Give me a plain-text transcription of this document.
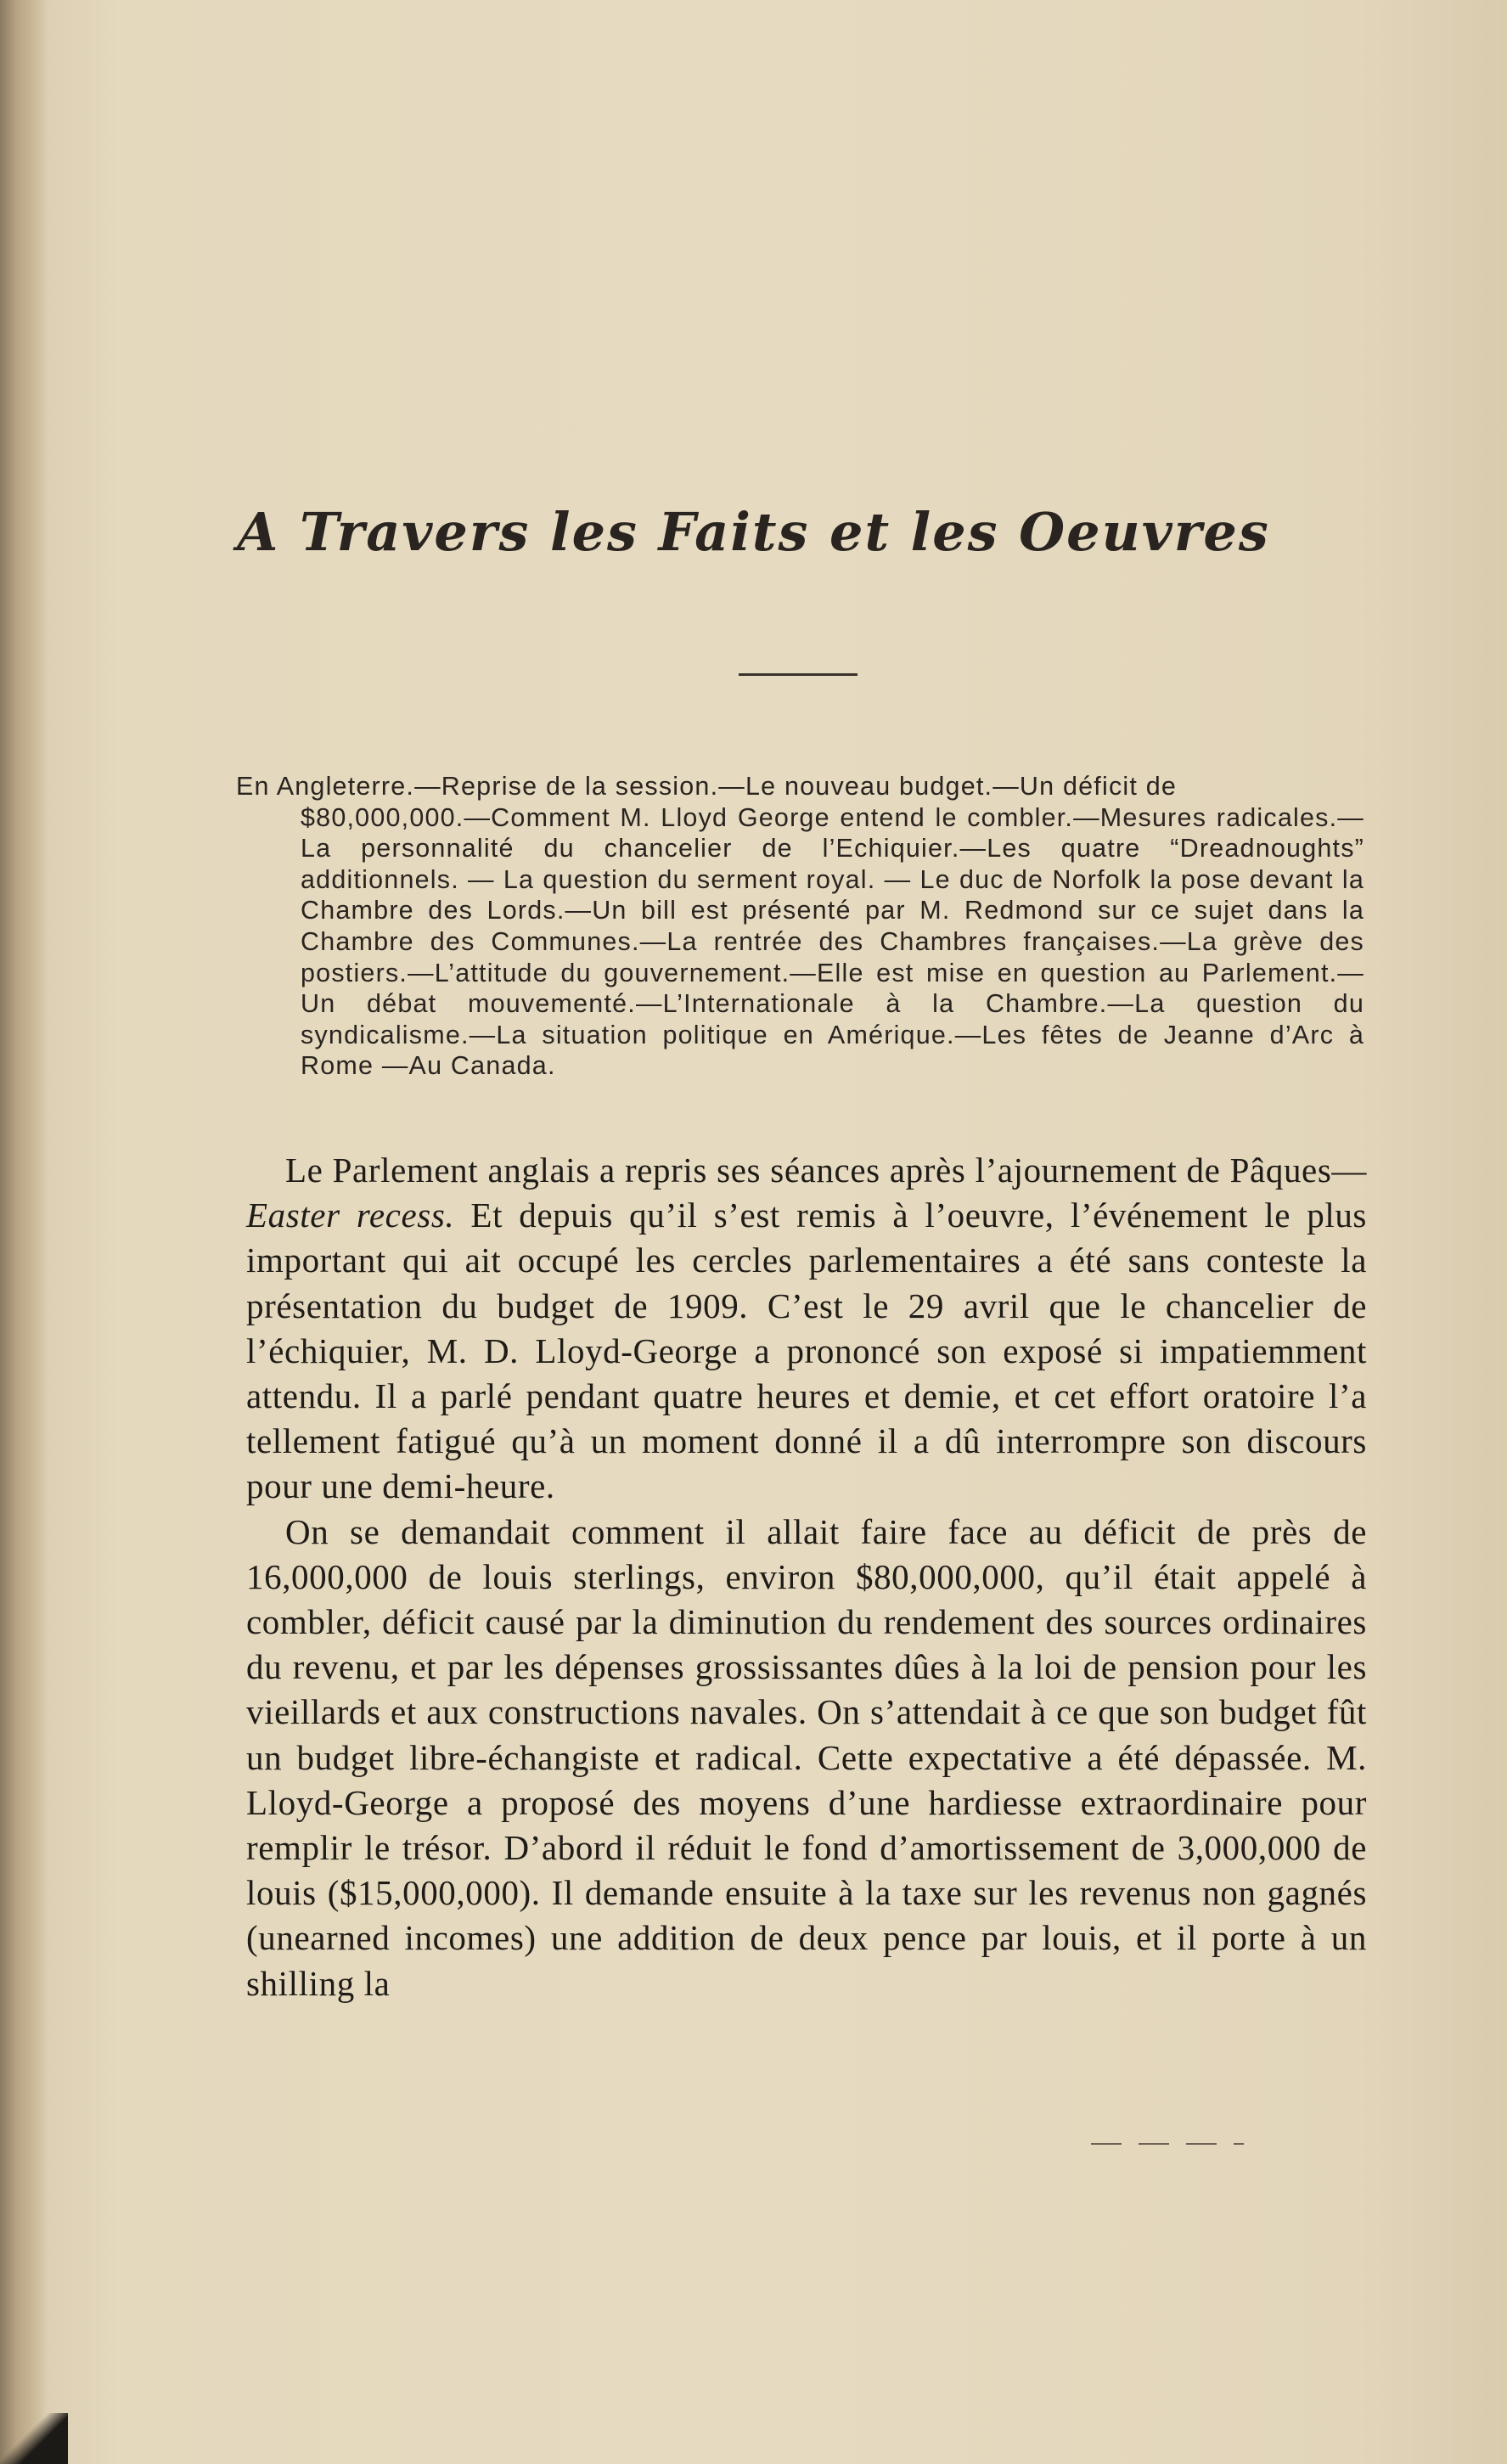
A Travers les Faits et les Oeuvres
En Angleterre.—Reprise de la session.—Le nouveau budget.—Un déficit de
$80,000,000.—Comment M. Lloyd George entend le combler.—Mesures radicales.—La personnalité du chancelier de l’Echiquier.—Les quatre “Dreadnoughts” additionnels. — La question du serment royal. — Le duc de Norfolk la pose devant la Chambre des Lords.—Un bill est présenté par M. Redmond sur ce sujet dans la Chambre des Communes.—La rentrée des Chambres françaises.—La grève des postiers.—L’attitude du gouvernement.—Elle est mise en question au Parlement.—Un débat mouvementé.—L’Internationale à la Chambre.—La question du syndicalisme.—La situation politique en Amérique.—Les fêtes de Jeanne d’Arc à Rome —Au Canada.

Le Parlement anglais a repris ses séances après l’ajournement de Pâques—Easter recess. Et depuis qu’il s’est remis à l’oeuvre, l’événement le plus important qui ait occupé les cercles parlementaires a été sans conteste la présentation du budget de 1909. C’est le 29 avril que le chancelier de l’échiquier, M. D. Lloyd-George a prononcé son exposé si impatiemment attendu. Il a parlé pendant quatre heures et demie, et cet effort oratoire l’a tellement fatigué qu’à un moment donné il a dû interrompre son discours pour une demi-heure.

On se demandait comment il allait faire face au déficit de près de 16,000,000 de louis sterlings, environ $80,000,000, qu’il était appelé à combler, déficit causé par la diminution du rendement des sources ordinaires du revenu, et par les dépenses grossissantes dûes à la loi de pension pour les vieillards et aux constructions navales. On s’attendait à ce que son budget fût un budget libre-échangiste et radical. Cette expectative a été dépassée. M. Lloyd-George a proposé des moyens d’une hardiesse extraordinaire pour remplir le trésor. D’abord il réduit le fond d’amortissement de 3,000,000 de louis ($15,000,000). Il demande ensuite à la taxe sur les revenus non gagnés (unearned incomes) une addition de deux pence par louis, et il porte à un shilling la
